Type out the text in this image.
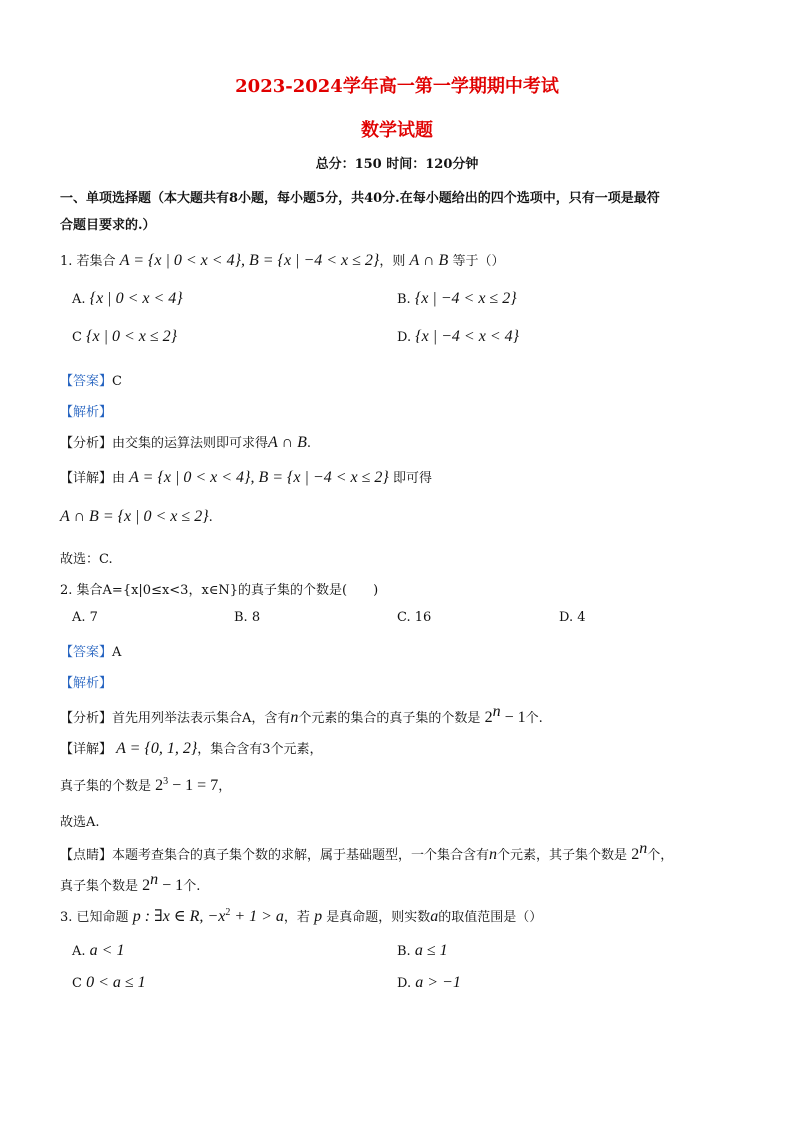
2023-2024学年高一第一学期期中考试
数学试题
总分：150 时间：120分钟
一、单项选择题（本大题共有8小题，每小题5分，共40分.在每小题给出的四个选项中，只有一项是最符
合题目要求的.）
1. 若集合 A = {x | 0 < x < 4}, B = {x | −4 < x ≤ 2}，则 A ∩ B 等于（）
A. {x | 0 < x < 4}	B. {x | −4 < x ≤ 2}
C {x | 0 < x ≤ 2}	D. {x | −4 < x < 4}
【答案】C
【解析】
【分析】由交集的运算法则即可求得A ∩ B.
【详解】由 A = {x | 0 < x < 4}, B = {x | −4 < x ≤ 2} 即可得
A ∩ B = {x | 0 < x ≤ 2}.
故选：C.
2. 集合A={x|0≤x<3，x∈N}的真子集的个数是(　　)
A. 7	B. 8	C. 16	D. 4
【答案】A
【解析】
【分析】首先用列举法表示集合A，含有n个元素的集合的真子集的个数是 $2^n - 1$个.
【详解】 A = {0, 1, 2}，集合含有3个元素，
真子集的个数是 $2^3 - 1 = 7$，
故选A.
【点睛】本题考查集合的真子集个数的求解，属于基础题型，一个集合含有n个元素，其子集个数是 2$^n$个，
真子集个数是 $2^n - 1$个.
3. 已知命题 p : ∃x ∈ R, $-x^2 + 1 > a$，若 p 是真命题，则实数a的取值范围是（）
A. a < 1	B. a ≤ 1
C 0 < a ≤ 1	D. a > −1
